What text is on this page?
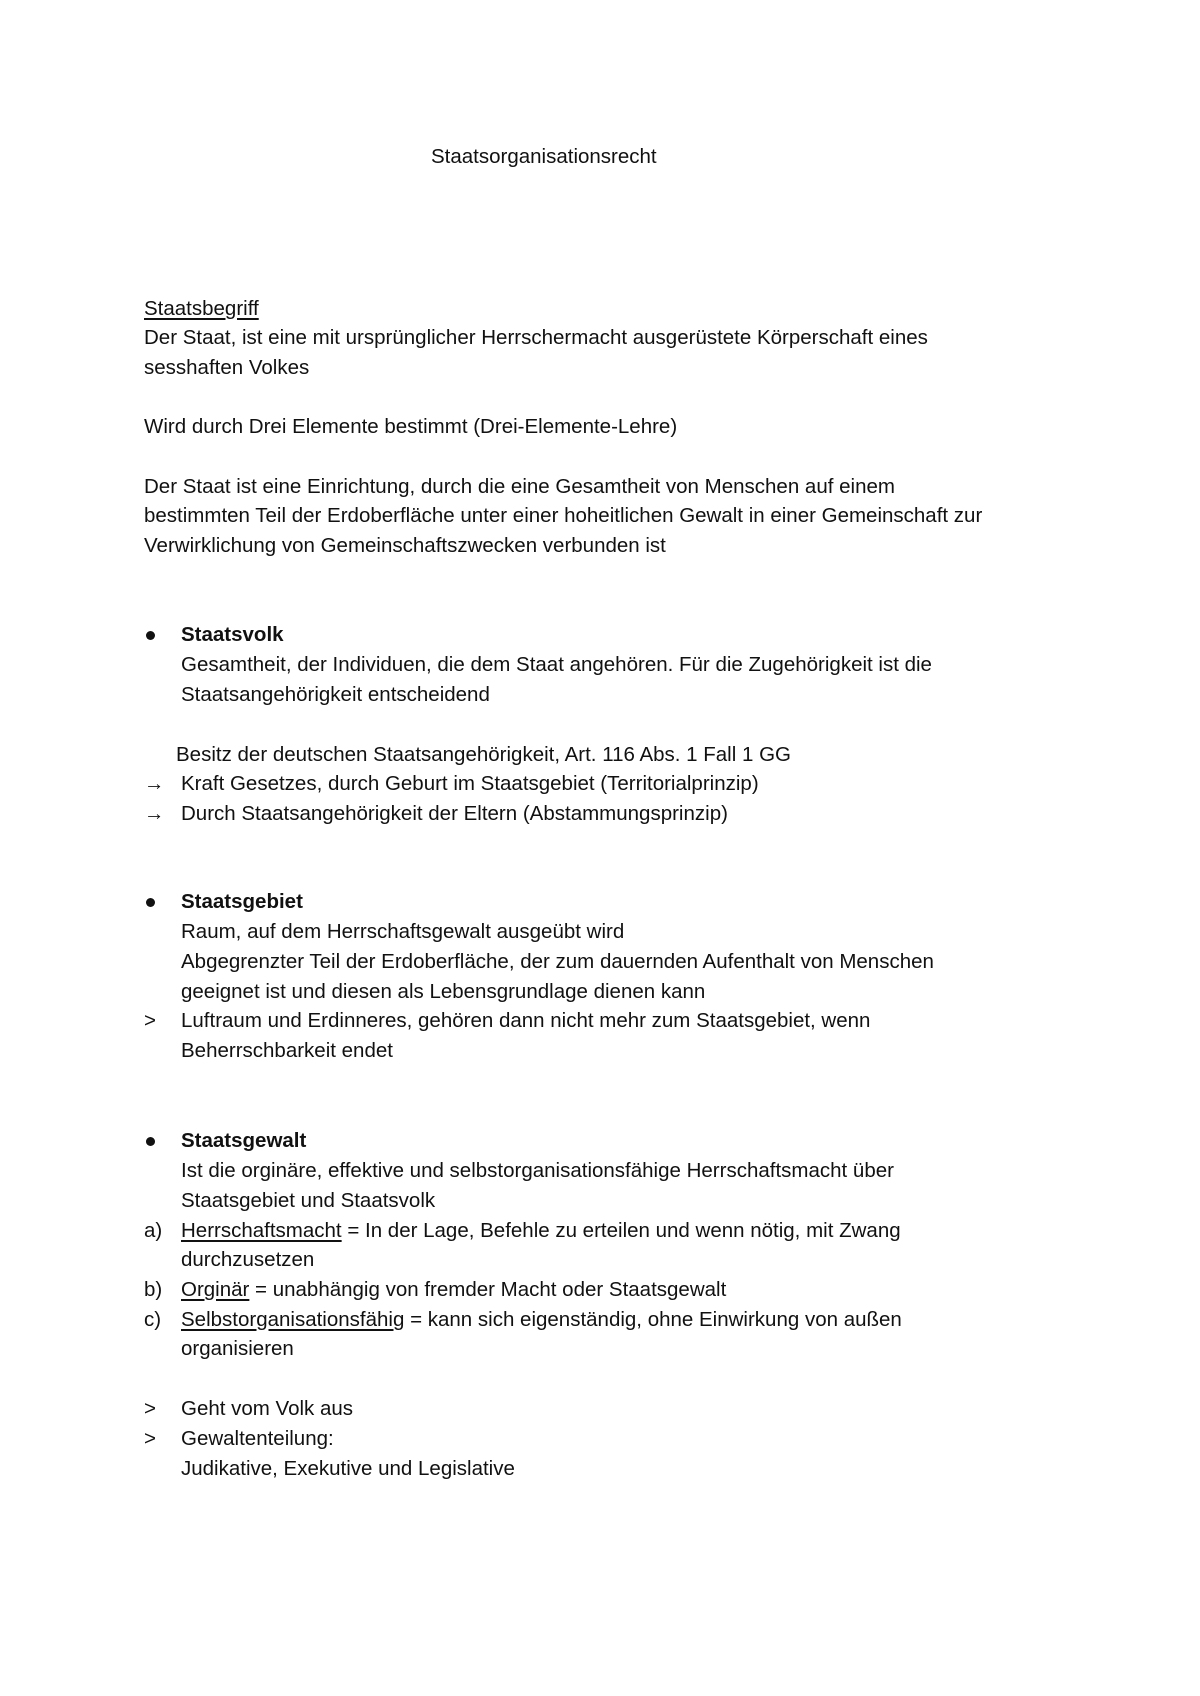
Staatsorganisationsrecht
Staatsbegriff
Der Staat, ist eine mit ursprünglicher Herrschermacht ausgerüstete Körperschaft eines
sesshaften Volkes
Wird durch Drei Elemente bestimmt (Drei-Elemente-Lehre)
Der Staat ist eine Einrichtung, durch die eine Gesamtheit von Menschen auf einem
bestimmten Teil der Erdoberfläche unter einer hoheitlichen Gewalt in einer Gemeinschaft zur
Verwirklichung von Gemeinschaftszwecken verbunden ist
Staatsvolk
Gesamtheit, der Individuen, die dem Staat angehören. Für die Zugehörigkeit ist die
Staatsangehörigkeit entscheidend
Besitz der deutschen Staatsangehörigkeit, Art. 116 Abs. 1 Fall 1 GG
→ Kraft Gesetzes, durch Geburt im Staatsgebiet (Territorialprinzip)
→ Durch Staatsangehörigkeit der Eltern (Abstammungsprinzip)
Staatsgebiet
Raum, auf dem Herrschaftsgewalt ausgeübt wird
Abgegrenzter Teil der Erdoberfläche, der zum dauernden Aufenthalt von Menschen
geeignet ist und diesen als Lebensgrundlage dienen kann
> Luftraum und Erdinneres, gehören dann nicht mehr zum Staatsgebiet, wenn
Beherrschbarkeit endet
Staatsgewalt
Ist die orginäre, effektive und selbstorganisationsfähige Herrschaftsmacht über
Staatsgebiet und Staatsvolk
a) Herrschaftsmacht = In der Lage, Befehle zu erteilen und wenn nötig, mit Zwang
durchzusetzen
b) Orginär = unabhängig von fremder Macht oder Staatsgewalt
c) Selbstorganisationsfähig = kann sich eigenständig, ohne Einwirkung von außen
organisieren
> Geht vom Volk aus
> Gewaltenteilung:
Judikative, Exekutive und Legislative
